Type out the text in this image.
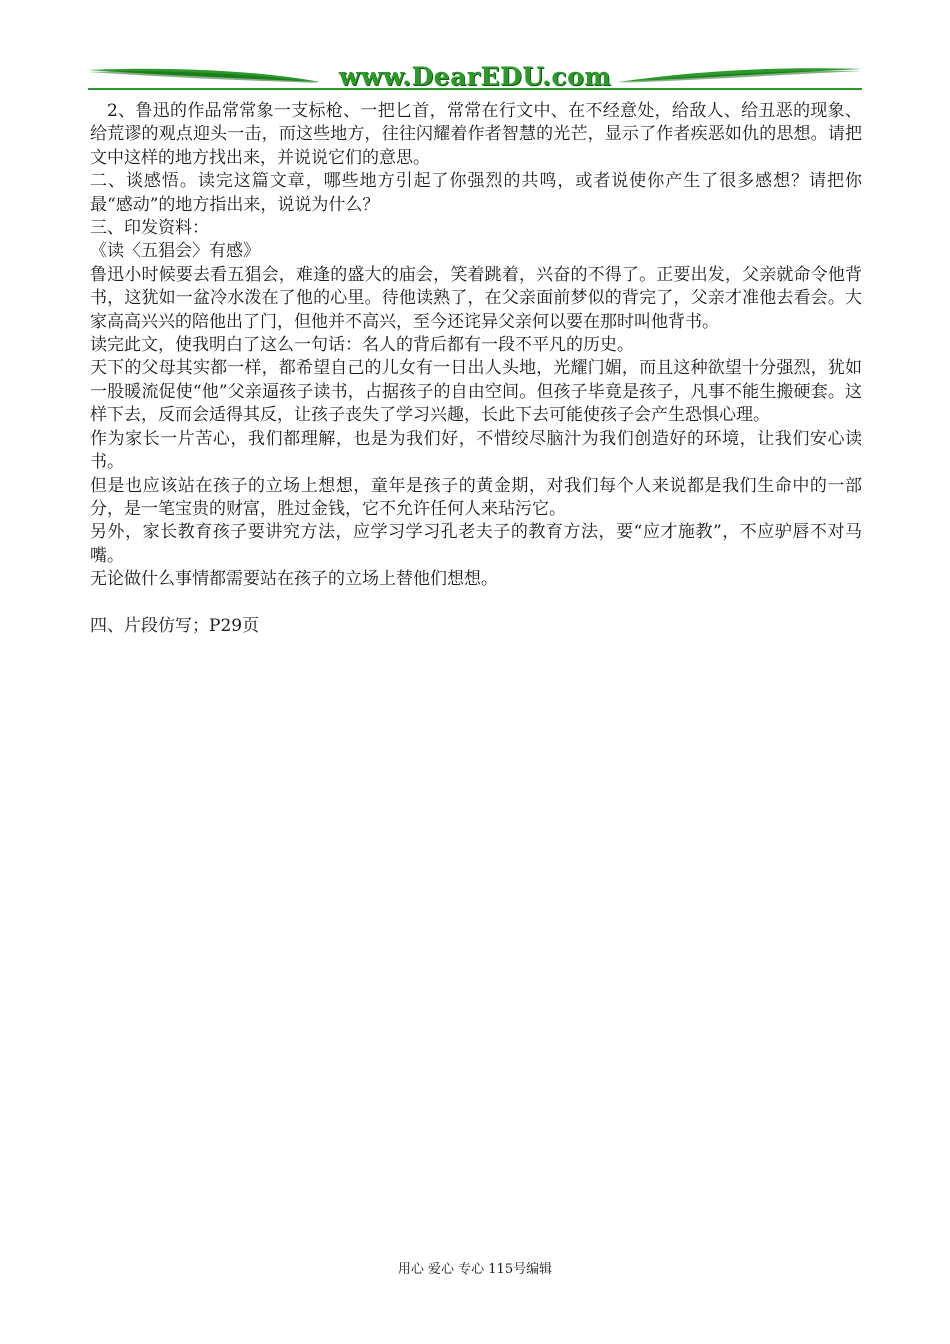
www.DearEDU.com

2、鲁迅的作品常常象一支标枪、一把匕首，常常在行文中、在不经意处，给敌人、给丑恶的现象、给荒谬的观点迎头一击，而这些地方，往往闪耀着作者智慧的光芒，显示了作者疾恶如仇的思想。请把文中这样的地方找出来，并说说它们的意思。

二、谈感悟。读完这篇文章，哪些地方引起了你强烈的共鸣，或者说使你产生了很多感想？请把你最“感动”的地方指出来，说说为什么？

三、印发资料：

《读〈五猖会〉有感》

鲁迅小时候要去看五猖会，难逢的盛大的庙会，笑着跳着，兴奋的不得了。正要出发，父亲就命令他背书，这犹如一盆冷水泼在了他的心里。待他读熟了，在父亲面前梦似的背完了，父亲才准他去看会。大家高高兴兴的陪他出了门，但他并不高兴，至今还诧异父亲何以要在那时叫他背书。

读完此文，使我明白了这么一句话：名人的背后都有一段不平凡的历史。

天下的父母其实都一样，都希望自己的儿女有一日出人头地，光耀门媚，而且这种欲望十分强烈，犹如一股暖流促使“他”父亲逼孩子读书，占据孩子的自由空间。但孩子毕竟是孩子，凡事不能生搬硬套。这样下去，反而会适得其反，让孩子丧失了学习兴趣，长此下去可能使孩子会产生恐惧心理。

作为家长一片苦心，我们都理解，也是为我们好，不惜绞尽脑汁为我们创造好的环境，让我们安心读书。

但是也应该站在孩子的立场上想想，童年是孩子的黄金期，对我们每个人来说都是我们生命中的一部分，是一笔宝贵的财富，胜过金钱，它不允许任何人来玷污它。

另外，家长教育孩子要讲究方法，应学习学习孔老夫子的教育方法，要“应才施教”，不应驴唇不对马嘴。

无论做什么事情都需要站在孩子的立场上替他们想想。

四、片段仿写；P29页

用心 爱心 专心 115号编辑
